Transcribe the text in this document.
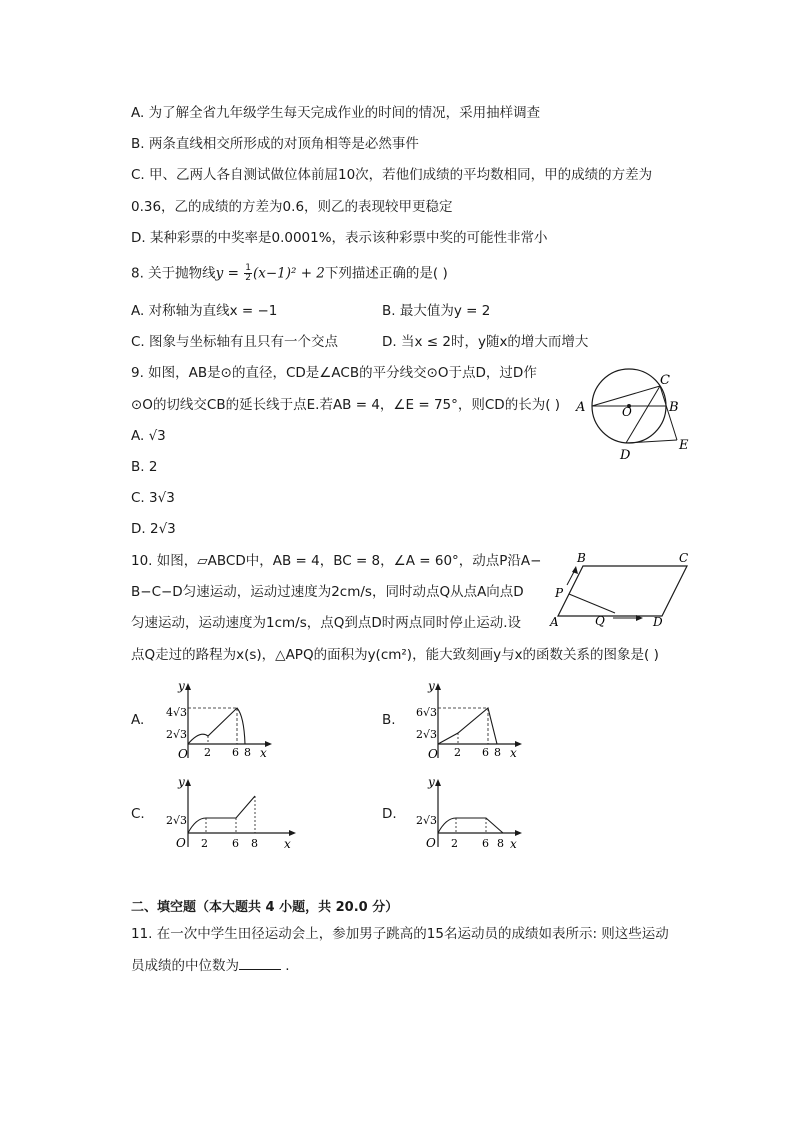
A. 为了解全省九年级学生每天完成作业的时间的情况，采用抽样调查
B. 两条直线相交所形成的对顶角相等是必然事件
C. 甲、乙两人各自测试做位体前屈10次，若他们成绩的平均数相同，甲的成绩的方差为
0.36，乙的成绩的方差为0.6，则乙的表现较甲更稳定
D. 某种彩票的中奖率是0.0001%，表示该种彩票中奖的可能性非常小
8. 关于抛物线$y = \frac{1}{2} (x-1)^2 + 2$下列描述正确的是( )
A. 对称轴为直线x = −1	B. 最大值为y = 2
C. 图象与坐标轴有且只有一个交点	D. 当x ≤ 2时，y随x的增大而增大
9. 如图，AB是⊙的直径，CD是∠ACB的平分线交⊙O于点D，过D作
⊙O的切线交CB的延长线于点E.若AB = 4，∠E = 75°，则CD的长为( )
A. √3
B. 2
C. 3√3
D. 2√3
A	B
C
D
E
O
10. 如图，▱ABCD中，AB = 4，BC = 8，∠A = 60°，动点P沿A−
B−C−D匀速运动，运动过速度为2cm/s，同时动点Q从点A向点D
匀速运动，运动速度为1cm/s，点Q到点D时两点同时停止运动.设
点Q走过的路程为x(s)，△APQ的面积为y(cm²)，能大致刻画y与x的函数关系的图象是( )
A
B	C
D
P
Q
A.	B.
C.	D.
4√3
2√3
y
O 2 6 8 x
6√3
2√3
y
O 2 6 8 x
2√3
y
O 2 6 8 x
2√3
y
O 2 6 8 x
二、填空题（本大题共 4 小题，共 20.0 分）
11. 在一次中学生田径运动会上，参加男子跳高的15名运动员的成绩如表所示: 则这些运动
员成绩的中位数为	.
